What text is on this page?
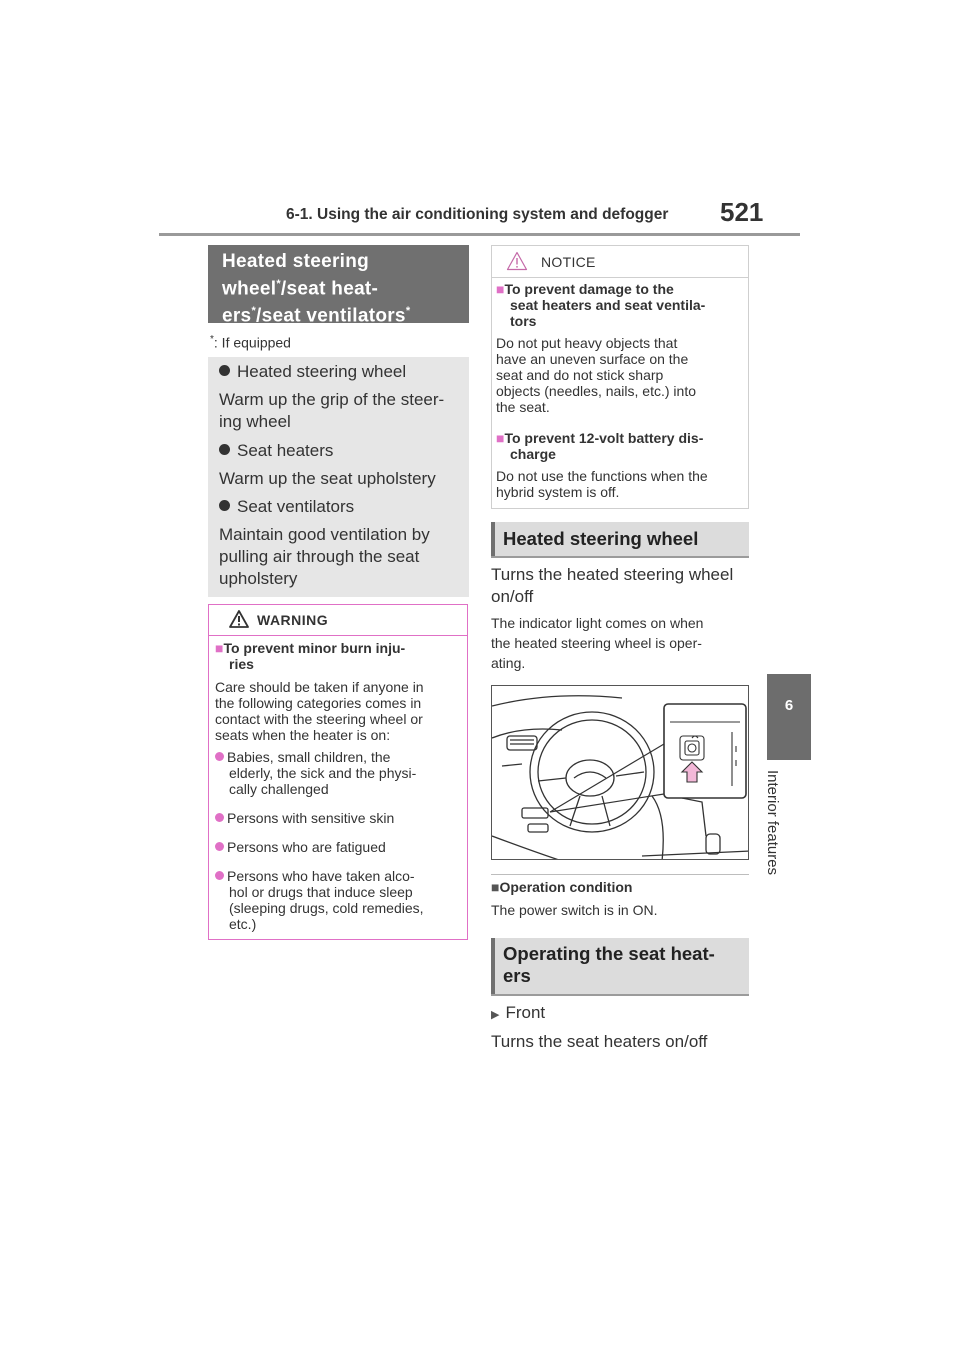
6-1. Using the air conditioning system and defogger 521
6
Interior features
Heated steering
wheel*/seat heat-
ers*/seat ventilators*
*: If equipped
Heated steering wheel
Warm up the grip of the steer-
ing wheel
Seat heaters
Warm up the seat upholstery
Seat ventilators
Maintain good ventilation by
pulling air through the seat
upholstery
WARNING
■To prevent minor burn inju-
ries
Care should be taken if anyone in
the following categories comes in
contact with the steering wheel or
seats when the heater is on:
Babies, small children, the
elderly, the sick and the physi-
cally challenged
Persons with sensitive skin
Persons who are fatigued
Persons who have taken alco-
hol or drugs that induce sleep
(sleeping drugs, cold remedies,
etc.)
NOTICE
■To prevent damage to the
seat heaters and seat ventila-
tors
Do not put heavy objects that
have an uneven surface on the
seat and do not stick sharp
objects (needles, nails, etc.) into
the seat.
■To prevent 12-volt battery dis-
charge
Do not use the functions when the
hybrid system is off.
Heated steering wheel
Turns the heated steering wheel
on/off
The indicator light comes on when
the heated steering wheel is oper-
ating.
■Operation condition
The power switch is in ON.
Operating the seat heat-
ers
▶ Front
Turns the seat heaters on/off
